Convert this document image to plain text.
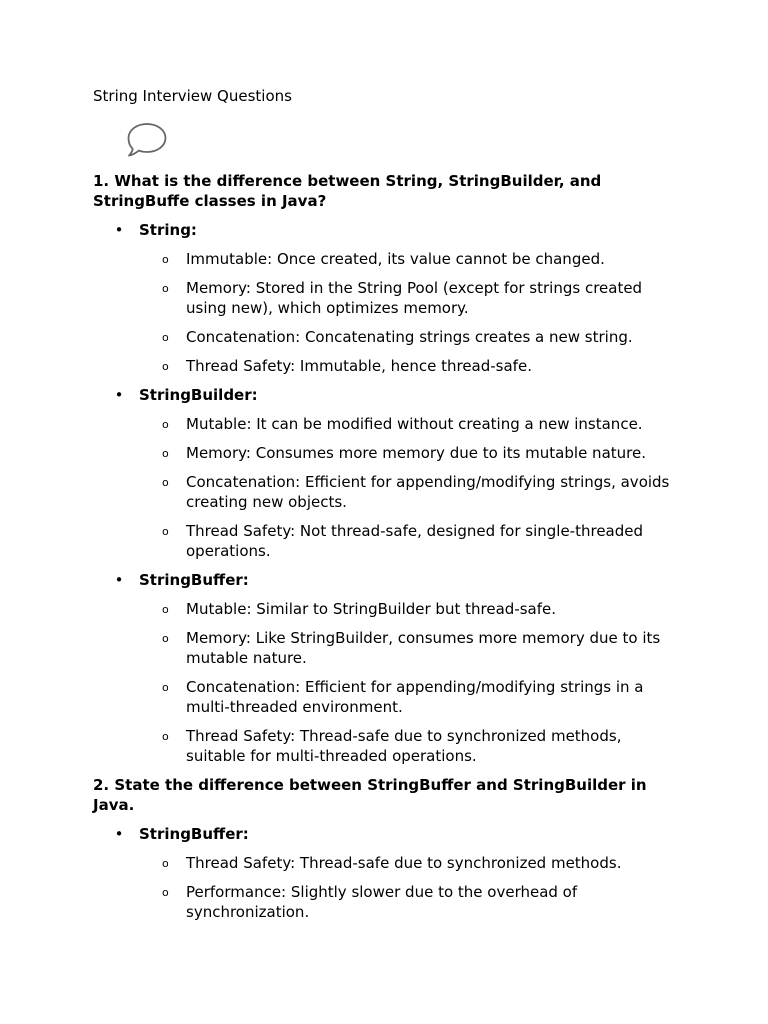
String Interview Questions

1. What is the difference between String, StringBuilder, and StringBuffe classes in Java?

• String:
o Immutable: Once created, its value cannot be changed.
o Memory: Stored in the String Pool (except for strings created using new), which optimizes memory.
o Concatenation: Concatenating strings creates a new string.
o Thread Safety: Immutable, hence thread-safe.
• StringBuilder:
o Mutable: It can be modified without creating a new instance.
o Memory: Consumes more memory due to its mutable nature.
o Concatenation: Efficient for appending/modifying strings, avoids creating new objects.
o Thread Safety: Not thread-safe, designed for single-threaded operations.
• StringBuffer:
o Mutable: Similar to StringBuilder but thread-safe.
o Memory: Like StringBuilder, consumes more memory due to its mutable nature.
o Concatenation: Efficient for appending/modifying strings in a multi-threaded environment.
o Thread Safety: Thread-safe due to synchronized methods, suitable for multi-threaded operations.

2. State the difference between StringBuffer and StringBuilder in Java.

• StringBuffer:
o Thread Safety: Thread-safe due to synchronized methods.
o Performance: Slightly slower due to the overhead of synchronization.
